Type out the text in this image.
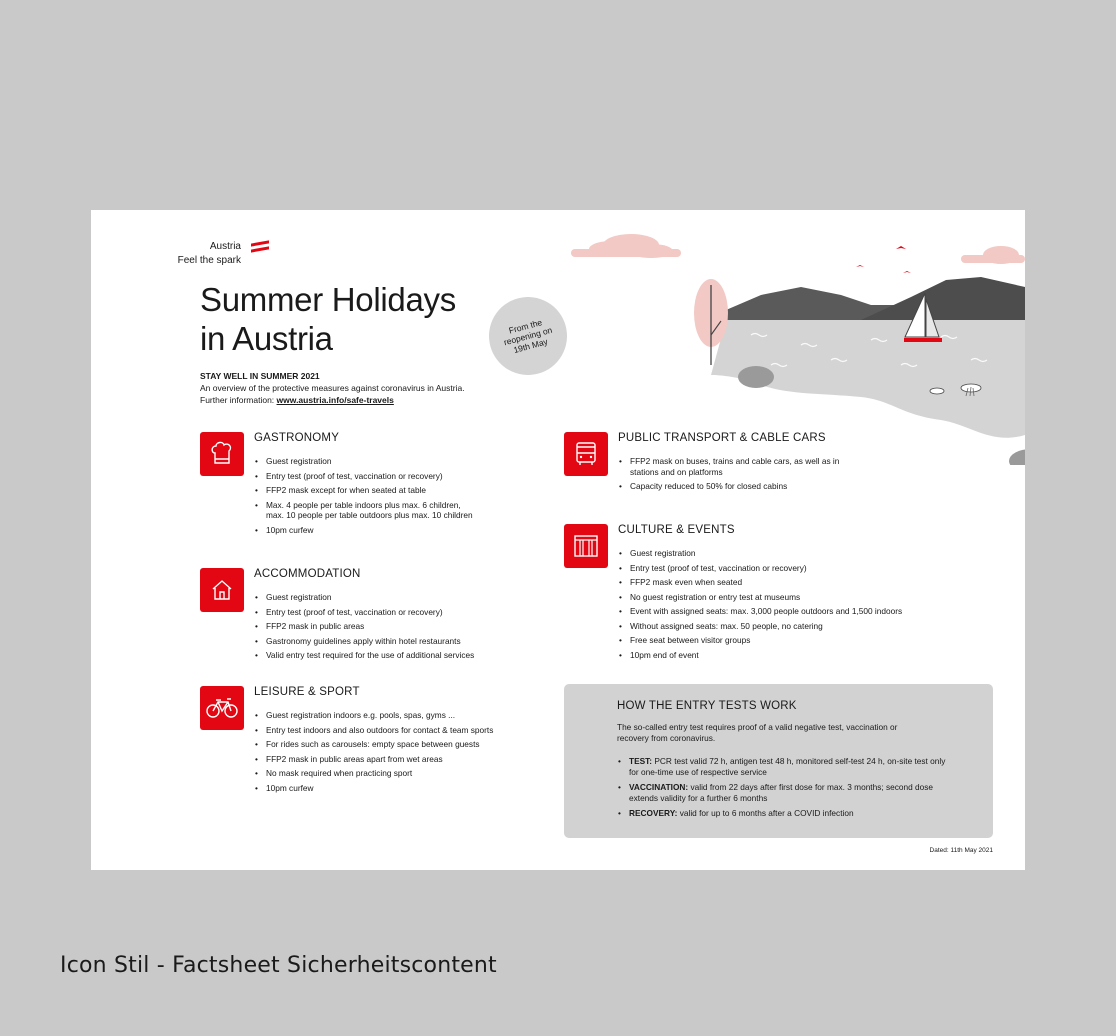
Austria
Feel the spark
Summer Holidays
in Austria	From the reopening on 19th May
STAY WELL IN SUMMER 2021
An overview of the protective measures against coronavirus in Austria.
Further information: www.austria.info/safe-travels
GASTRONOMY
• Guest registration
• Entry test (proof of test, vaccination or recovery)
• FFP2 mask except for when seated at table
• Max. 4 people per table indoors plus max. 6 children,
max. 10 people per table outdoors plus max. 10 children
• 10pm curfew
ACCOMMODATION
• Guest registration
• Entry test (proof of test, vaccination or recovery)
• FFP2 mask in public areas
• Gastronomy guidelines apply within hotel restaurants
• Valid entry test required for the use of additional services
LEISURE & SPORT
• Guest registration indoors e.g. pools, spas, gyms ...
• Entry test indoors and also outdoors for contact & team sports
• For rides such as carousels: empty space between guests
• FFP2 mask in public areas apart from wet areas
• No mask required when practicing sport
• 10pm curfew
PUBLIC TRANSPORT & CABLE CARS
• FFP2 mask on buses, trains and cable cars, as well as in
stations and on platforms
• Capacity reduced to 50% for closed cabins
CULTURE & EVENTS
• Guest registration
• Entry test (proof of test, vaccination or recovery)
• FFP2 mask even when seated
• No guest registration or entry test at museums
• Event with assigned seats: max. 3,000 people outdoors and 1,500 indoors
• Without assigned seats: max. 50 people, no catering
• Free seat between visitor groups
• 10pm end of event
HOW THE ENTRY TESTS WORK
The so-called entry test requires proof of a valid negative test, vaccination or recovery from coronavirus.
• TEST: PCR test valid 72 h, antigen test 48 h, monitored self-test 24 h, on-site test only for one-time use of respective service
• VACCINATION: valid from 22 days after first dose for max. 3 months; second dose extends validity for a further 6 months
• RECOVERY: valid for up to 6 months after a COVID infection
Dated: 11th May 2021
Icon Stil - Factsheet Sicherheitscontent
